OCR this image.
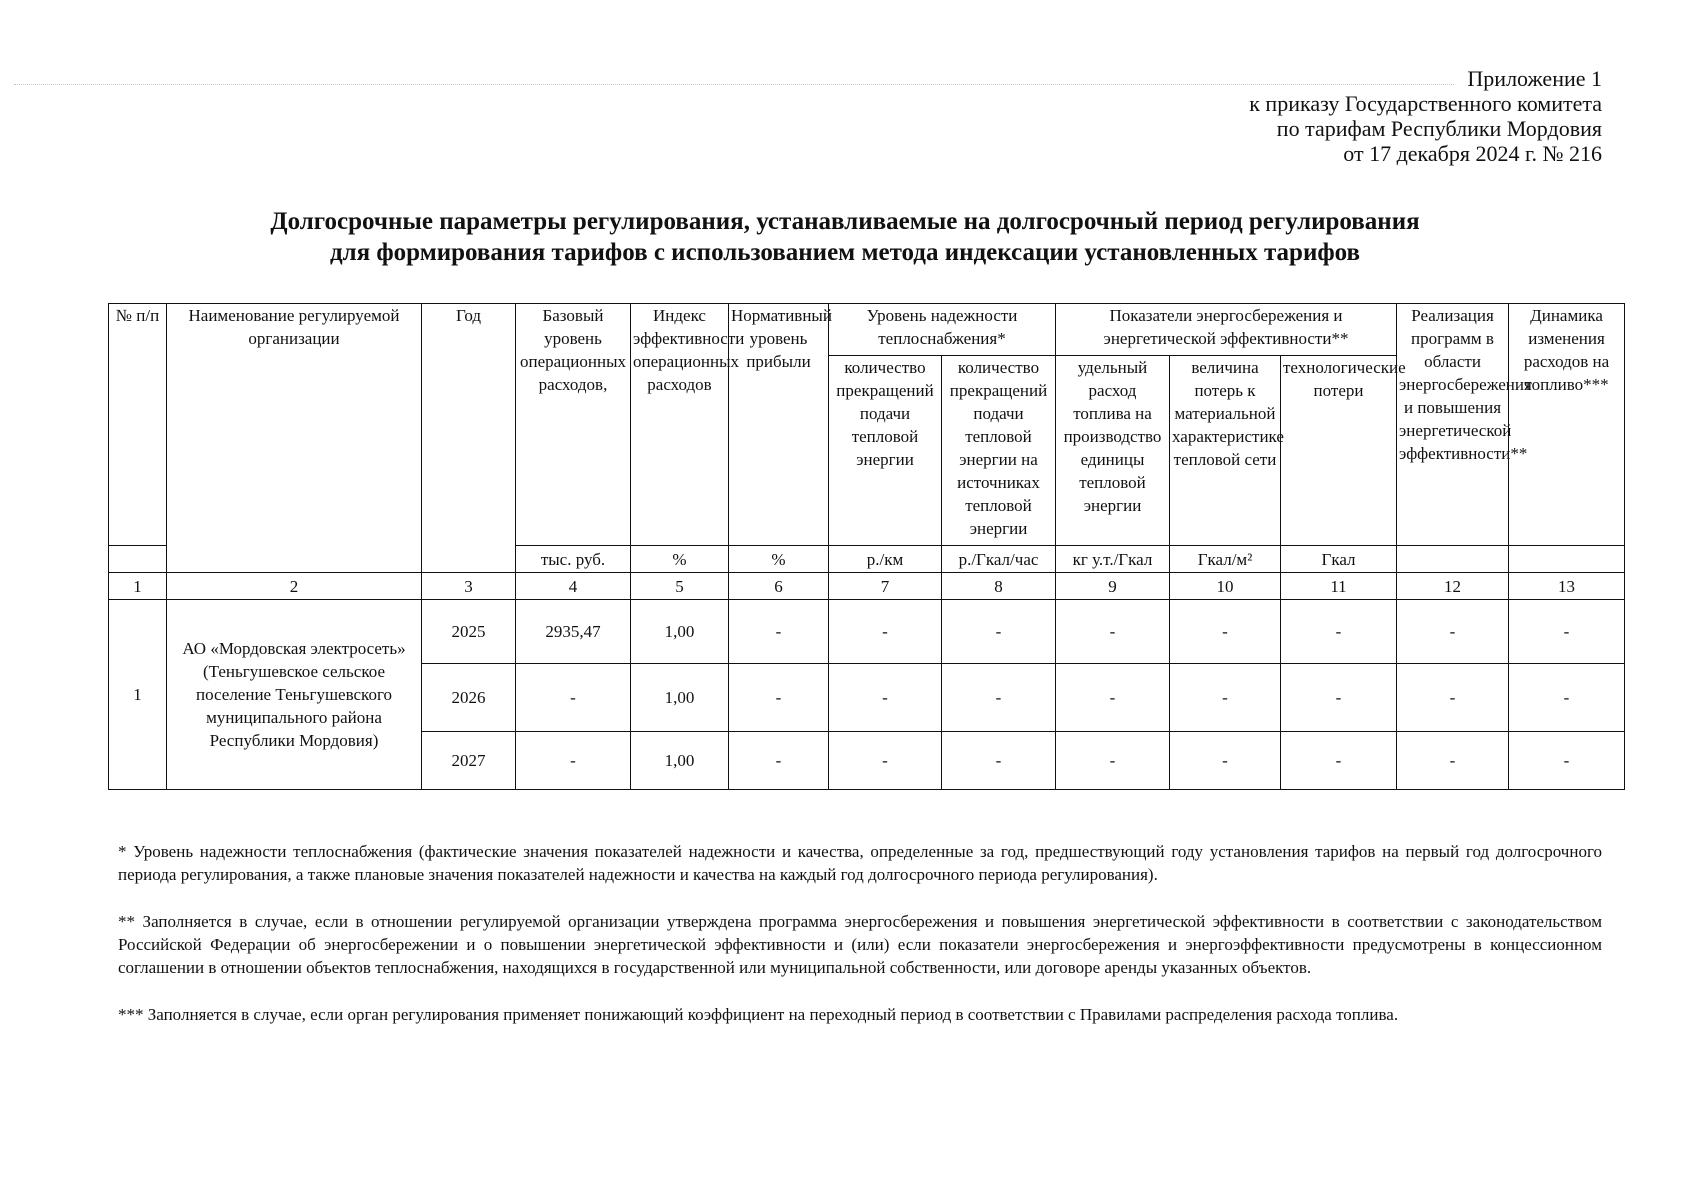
Приложение 1
к приказу Государственного комитета
по тарифам Республики Мордовия
от 17 декабря 2024 г. № 216
Долгосрочные параметры регулирования, устанавливаемые на долгосрочный период регулирования
для формирования тарифов с использованием метода индексации установленных тарифов
№ п/п	Наименование регулируемой организации	Год	Базовый уровень операционных расходов,	Индекс эффективности операционных расходов	Нормативный уровень прибыли	Уровень надежности теплоснабжения*		Показатели энергосбережения и энергетической эффективности**			Реализация программ в области энергосбережения и повышения энергетической эффективности**	Динамика изменения расходов на топливо***
						количество прекращений подачи тепловой энергии	количество прекращений подачи тепловой энергии на источниках тепловой энергии	удельный расход топлива на производство единицы тепловой энергии	величина потерь к материальной характеристике тепловой сети	технологические потери		
			тыс. руб.	%	%	р./км	р./Гкал/час	кг у.т./Гкал	Гкал/м²	Гкал		
1	2	3	4	5	6	7	8	9	10	11	12	13
1	АО «Мордовская электросеть» (Теньгушевское сельское поселение Теньгушевского муниципального района Республики Мордовия)	2025	2935,47	1,00	-	-	-	-	-	-	-	-
		2026	-	1,00	-	-	-	-	-	-	-	-
		2027	-	1,00	-	-	-	-	-	-	-	-

* Уровень надежности теплоснабжения (фактические значения показателей надежности и качества, определенные за год, предшествующий году установления тарифов на первый год долгосрочного периода регулирования, а также плановые значения показателей надежности и качества на каждый год долгосрочного периода регулирования).

** Заполняется в случае, если в отношении регулируемой организации утверждена программа энергосбережения и повышения энергетической эффективности в соответствии с законодательством Российской Федерации об энергосбережении и о повышении энергетической эффективности и (или) если показатели энергосбережения и энергоэффективности предусмотрены в концессионном соглашении в отношении объектов теплоснабжения, находящихся в государственной или муниципальной собственности, или договоре аренды указанных объектов.

*** Заполняется в случае, если орган регулирования применяет понижающий коэффициент на переходный период в соответствии с Правилами распределения расхода топлива.
